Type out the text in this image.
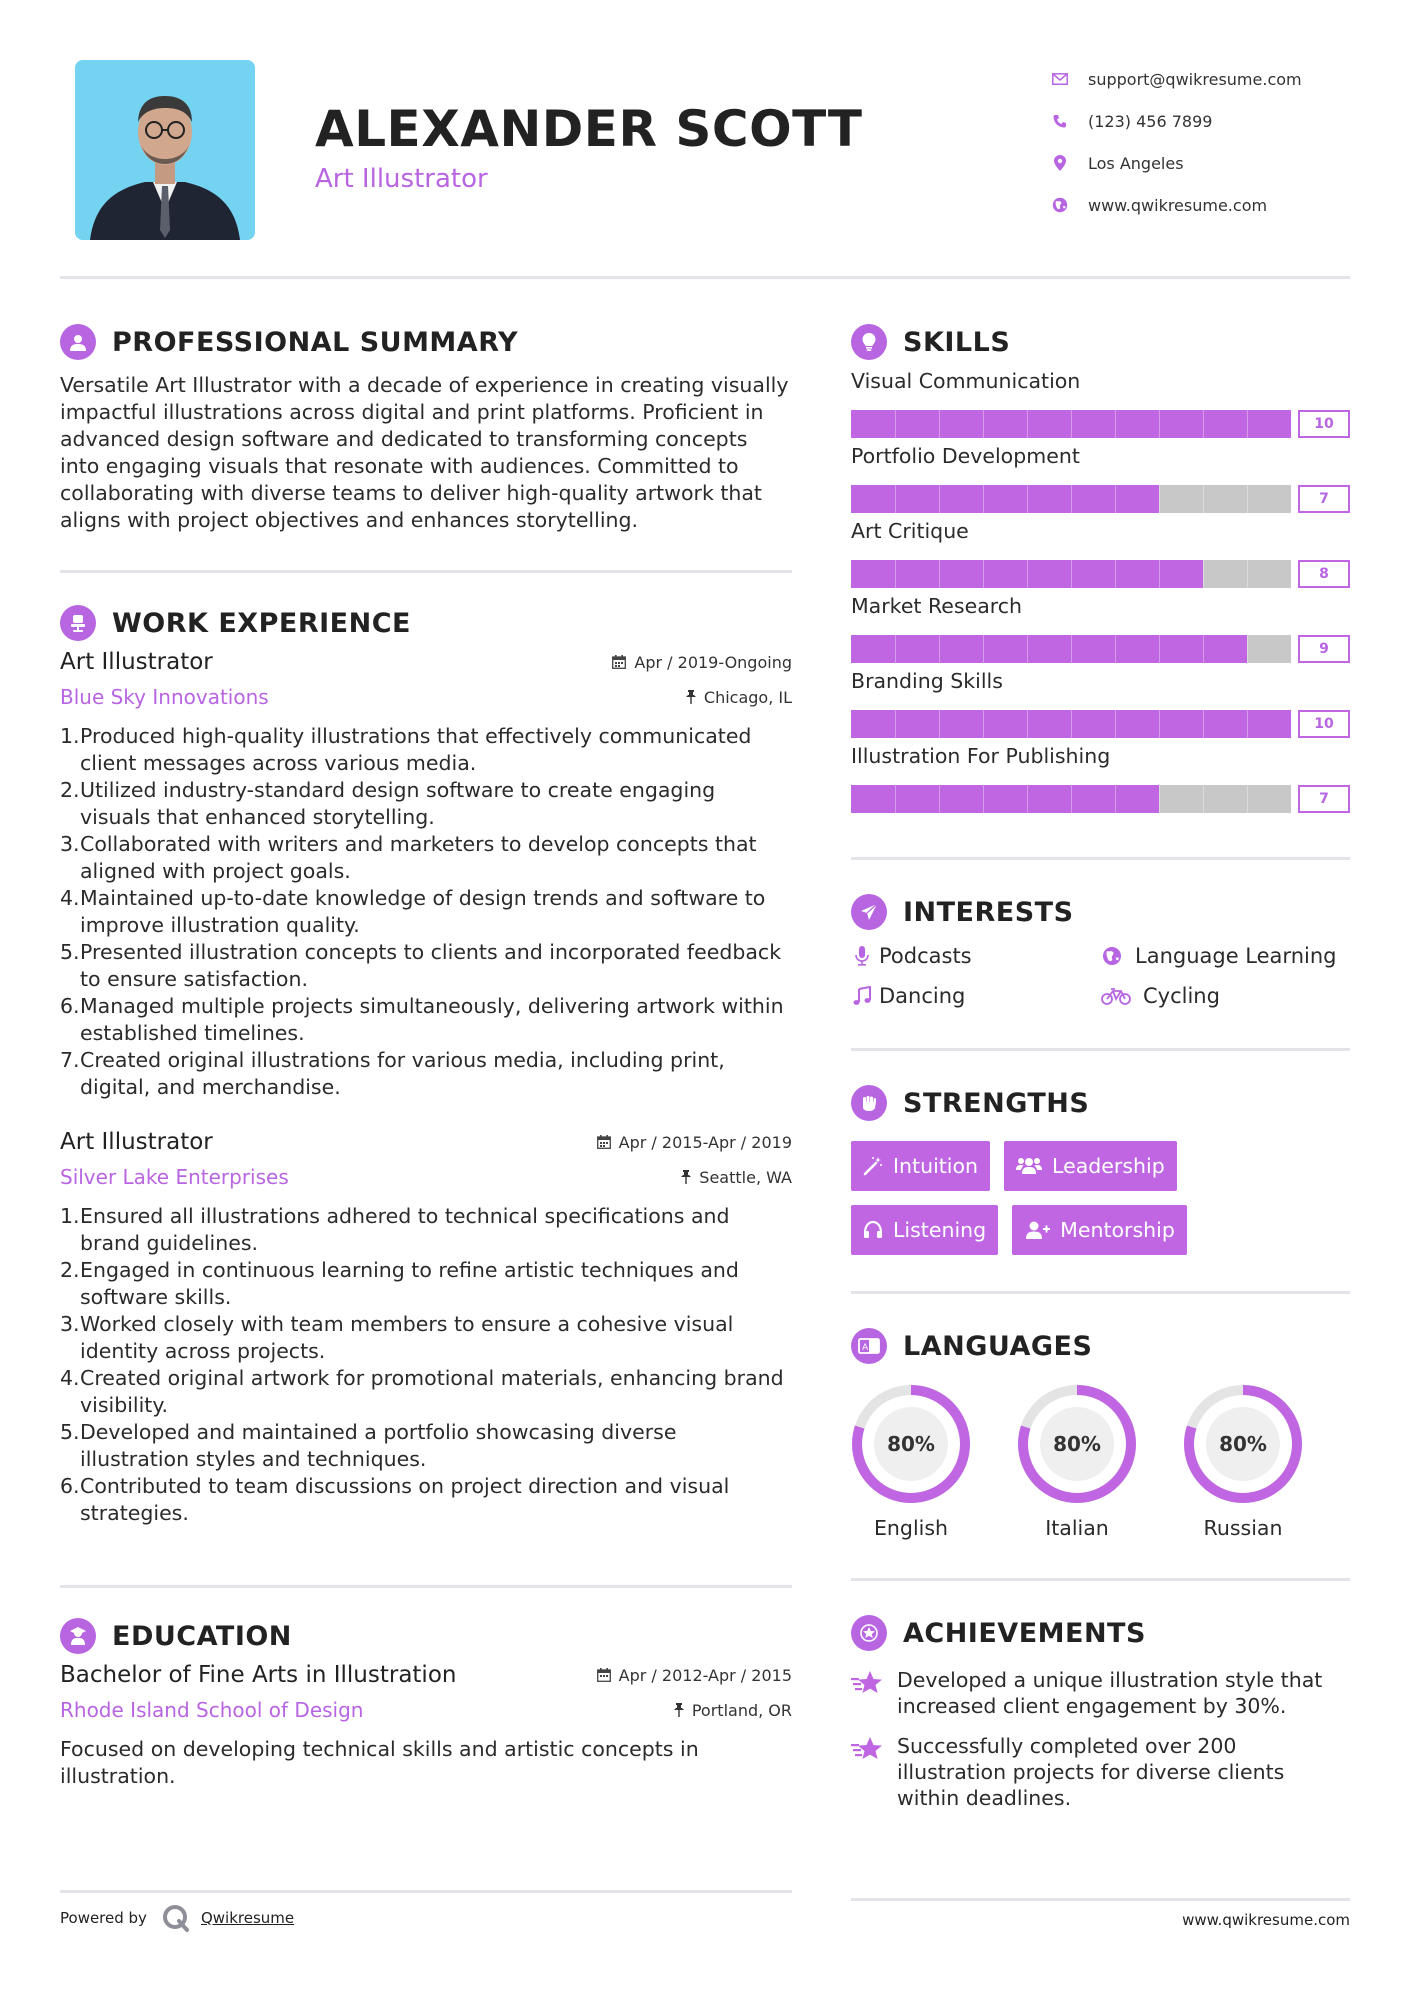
ALEXANDER SCOTT
Art Illustrator
support@qwikresume.com
(123) 456 7899
Los Angeles
www.qwikresume.com
PROFESSIONAL SUMMARY
Versatile Art Illustrator with a decade of experience in creating visually impactful illustrations across digital and print platforms. Proficient in advanced design software and dedicated to transforming concepts into engaging visuals that resonate with audiences. Committed to collaborating with diverse teams to deliver high-quality artwork that aligns with project objectives and enhances storytelling.
WORK EXPERIENCE
Art Illustrator	Apr / 2019-Ongoing
Blue Sky Innovations	Chicago, IL
1. Produced high-quality illustrations that effectively communicated client messages across various media.
2. Utilized industry-standard design software to create engaging visuals that enhanced storytelling.
3. Collaborated with writers and marketers to develop concepts that aligned with project goals.
4. Maintained up-to-date knowledge of design trends and software to improve illustration quality.
5. Presented illustration concepts to clients and incorporated feedback to ensure satisfaction.
6. Managed multiple projects simultaneously, delivering artwork within established timelines.
7. Created original illustrations for various media, including print, digital, and merchandise.
Art Illustrator	Apr / 2015-Apr / 2019
Silver Lake Enterprises	Seattle, WA
1. Ensured all illustrations adhered to technical specifications and brand guidelines.
2. Engaged in continuous learning to refine artistic techniques and software skills.
3. Worked closely with team members to ensure a cohesive visual identity across projects.
4. Created original artwork for promotional materials, enhancing brand visibility.
5. Developed and maintained a portfolio showcasing diverse illustration styles and techniques.
6. Contributed to team discussions on project direction and visual strategies.
EDUCATION
Bachelor of Fine Arts in Illustration	Apr / 2012-Apr / 2015
Rhode Island School of Design	Portland, OR
Focused on developing technical skills and artistic concepts in illustration.
SKILLS
Visual Communication
10
Portfolio Development
7
Art Critique
8
Market Research
9
Branding Skills
10
Illustration For Publishing
7
INTERESTS
Podcasts	Language Learning
Dancing	Cycling
STRENGTHS
Intuition	Leadership
Listening	Mentorship
A LANGUAGES
80%
English
80%
Italian
80%
Russian
ACHIEVEMENTS
Developed a unique illustration style that increased client engagement by 30%.
Successfully completed over 200 illustration projects for diverse clients within deadlines.
Powered by	Qwikresume	www.qwikresume.com
